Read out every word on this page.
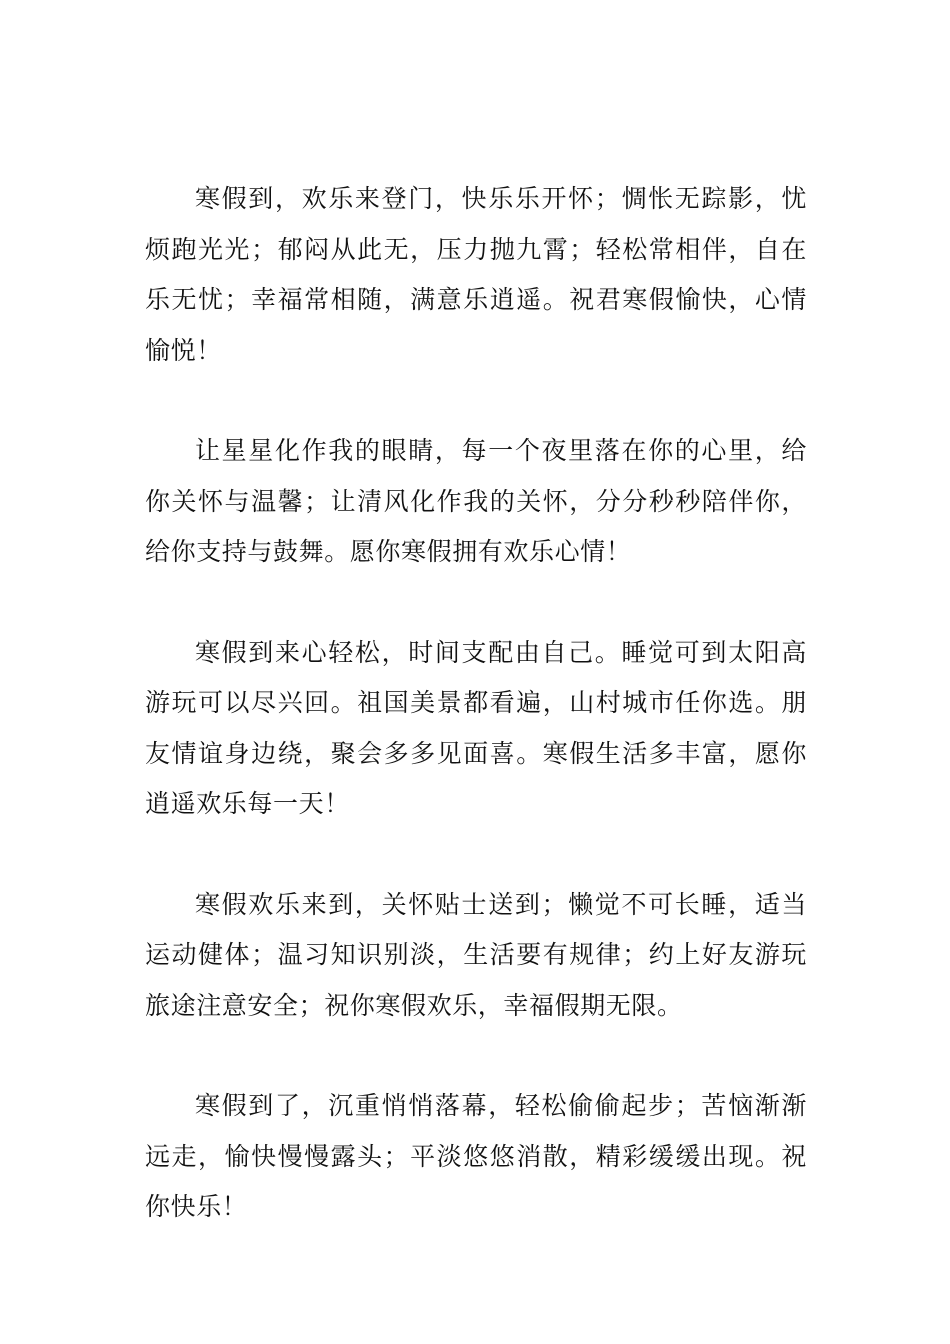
寒假到，欢乐来登门，快乐乐开怀；惆怅无踪影，忧烦跑光光；郁闷从此无，压力抛九霄；轻松常相伴，自在乐无忧；幸福常相随，满意乐逍遥。祝君寒假愉快，心情愉悦！

让星星化作我的眼睛，每一个夜里落在你的心里，给你关怀与温馨；让清风化作我的关怀，分分秒秒陪伴你，给你支持与鼓舞。愿你寒假拥有欢乐心情！

寒假到来心轻松，时间支配由自己。睡觉可到太阳高游玩可以尽兴回。祖国美景都看遍，山村城市任你选。朋友情谊身边绕，聚会多多见面喜。寒假生活多丰富，愿你逍遥欢乐每一天！

寒假欢乐来到，关怀贴士送到；懒觉不可长睡，适当运动健体；温习知识别淡，生活要有规律；约上好友游玩旅途注意安全；祝你寒假欢乐，幸福假期无限。

寒假到了，沉重悄悄落幕，轻松偷偷起步；苦恼渐渐远走，愉快慢慢露头；平淡悠悠消散，精彩缓缓出现。祝你快乐！
